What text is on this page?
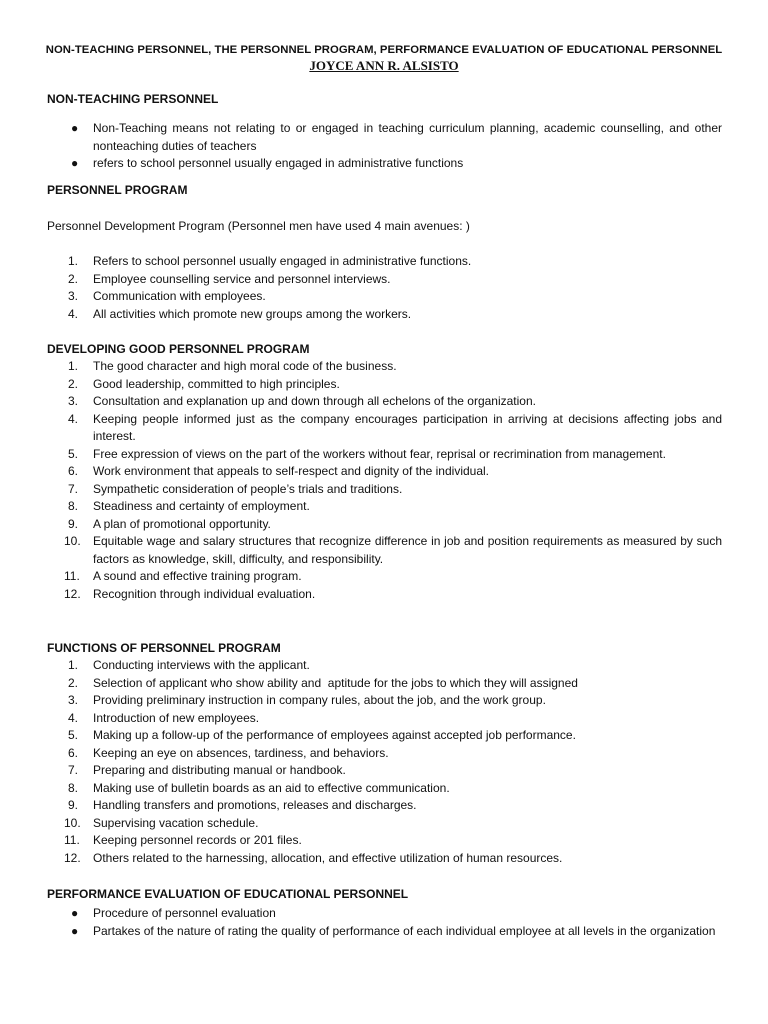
NON-TEACHING PERSONNEL, THE PERSONNEL PROGRAM, PERFORMANCE EVALUATION OF EDUCATIONAL PERSONNEL
JOYCE ANN R. ALSISTO
NON-TEACHING PERSONNEL
● Non-Teaching means not relating to or engaged in teaching curriculum planning, academic counselling, and other nonteaching duties of teachers
● refers to school personnel usually engaged in administrative functions
PERSONNEL PROGRAM
Personnel Development Program (Personnel men have used 4 main avenues: )
1. Refers to school personnel usually engaged in administrative functions.
2. Employee counselling service and personnel interviews.
3. Communication with employees.
4. All activities which promote new groups among the workers.
DEVELOPING GOOD PERSONNEL PROGRAM
1. The good character and high moral code of the business.
2. Good leadership, committed to high principles.
3. Consultation and explanation up and down through all echelons of the organization.
4. Keeping people informed just as the company encourages participation in arriving at decisions affecting jobs and interest.
5. Free expression of views on the part of the workers without fear, reprisal or recrimination from management.
6. Work environment that appeals to self-respect and dignity of the individual.
7. Sympathetic consideration of people’s trials and traditions.
8. Steadiness and certainty of employment.
9. A plan of promotional opportunity.
10. Equitable wage and salary structures that recognize difference in job and position requirements as measured by such factors as knowledge, skill, difficulty, and responsibility.
11. A sound and effective training program.
12. Recognition through individual evaluation.
FUNCTIONS OF PERSONNEL PROGRAM
1. Conducting interviews with the applicant.
2. Selection of applicant who show ability and  aptitude for the jobs to which they will assigned
3. Providing preliminary instruction in company rules, about the job, and the work group.
4. Introduction of new employees.
5. Making up a follow-up of the performance of employees against accepted job performance.
6. Keeping an eye on absences, tardiness, and behaviors.
7. Preparing and distributing manual or handbook.
8. Making use of bulletin boards as an aid to effective communication.
9. Handling transfers and promotions, releases and discharges.
10. Supervising vacation schedule.
11. Keeping personnel records or 201 files.
12. Others related to the harnessing, allocation, and effective utilization of human resources.
PERFORMANCE EVALUATION OF EDUCATIONAL PERSONNEL
● Procedure of personnel evaluation
● Partakes of the nature of rating the quality of performance of each individual employee at all levels in the organization
